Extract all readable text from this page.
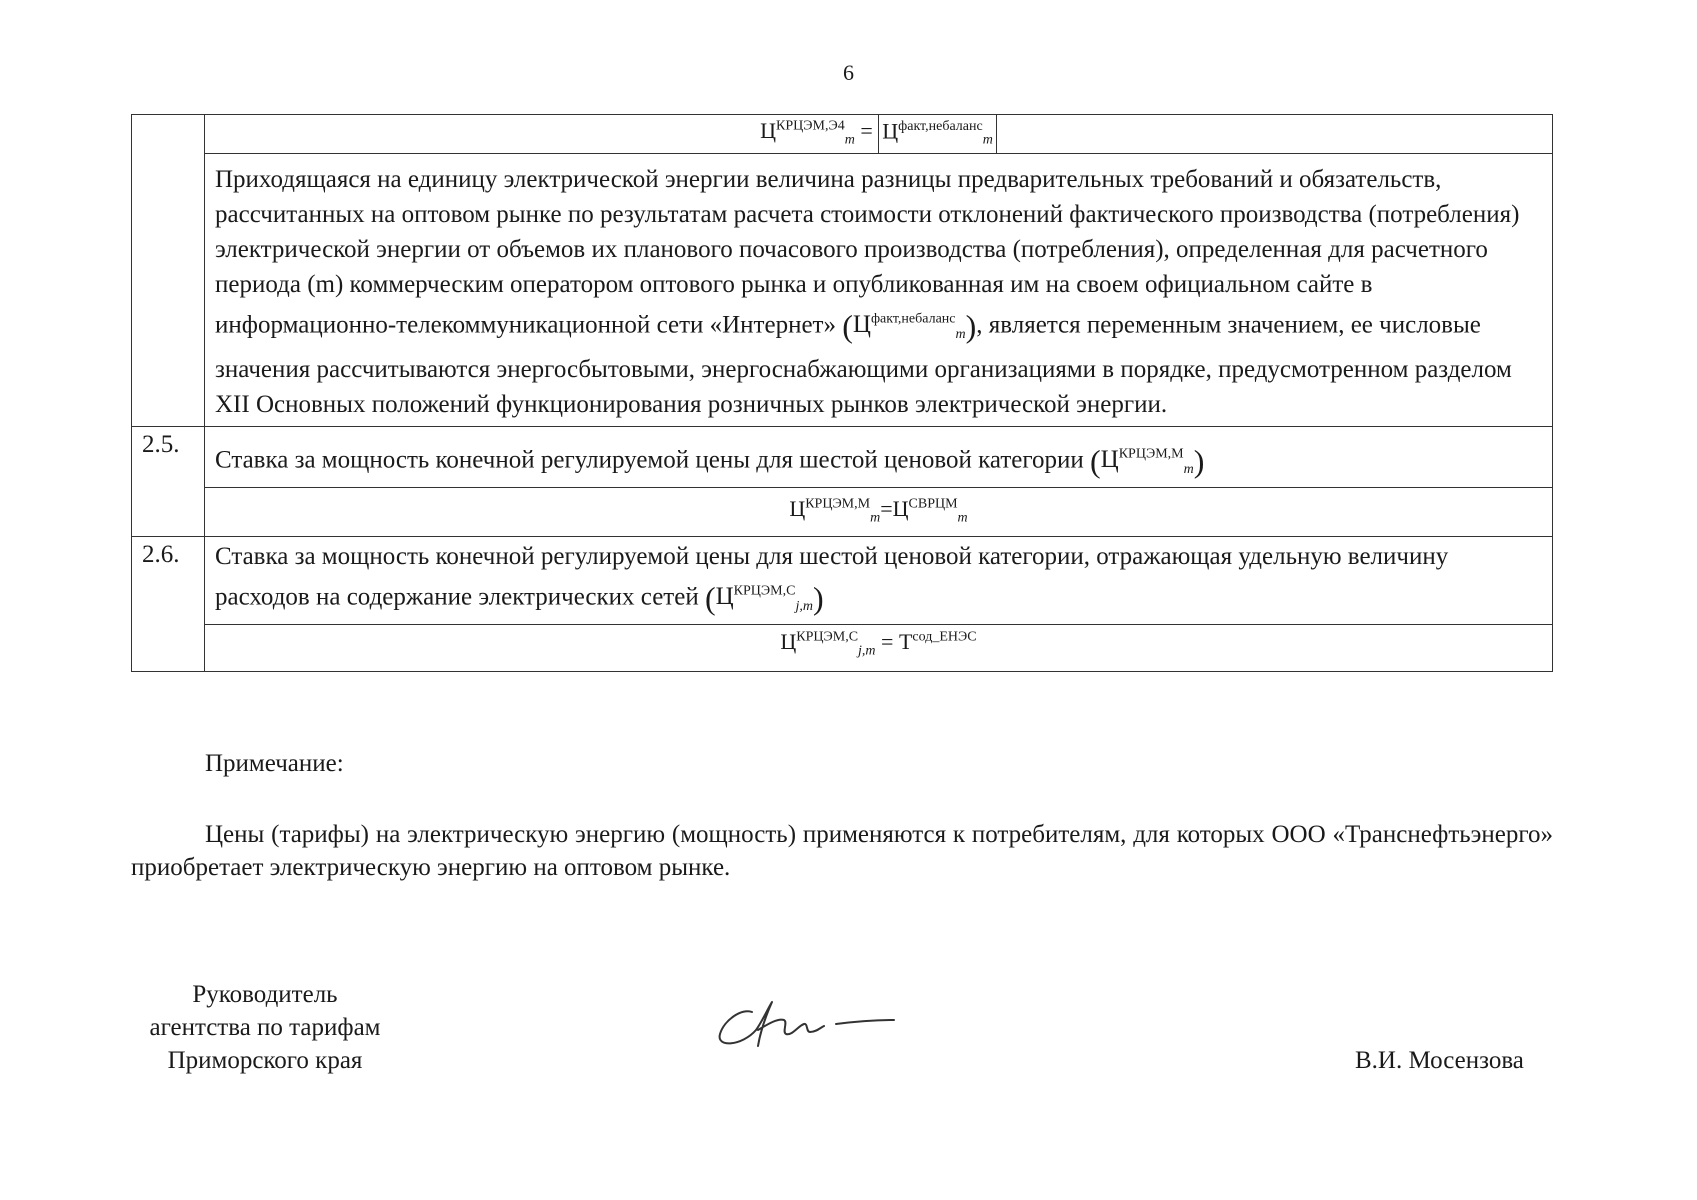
6
	$Ц^{КРЦЭМ,Э4}_m = Ц^{факт,небаланс}_m$

	Приходящаяся на единицу электрической энергии величина разницы предварительных требований и обязательств, рассчитанных на оптовом рынке по результатам расчета стоимости отклонений фактического производства (потребления) электрической энергии от объемов их планового почасового производства (потребления), определенная для расчетного периода (m) коммерческим оператором оптового рынка и опубликованная им на своем официальном сайте в информационно-телекоммуникационной сети «Интернет» $(Ц^{факт,небаланс}_m)$, является переменным значением, ее числовые значения рассчитываются энергосбытовыми, энергоснабжающими организациями в порядке, предусмотренном разделом XII Основных положений функционирования розничных рынков электрической энергии.

2.5.	Ставка за мощность конечной регулируемой цены для шестой ценовой категории $(Ц^{КРЦЭМ,М}_m)$
	$Ц^{КРЦЭМ,М}_m=Ц^{СВРЦМ}_m$
2.6.	Ставка за мощность конечной регулируемой цены для шестой ценовой категории, отражающая удельную величину расходов на содержание электрических сетей $(Ц^{КРЦЭМ,С}_{j,m})$
	$Ц^{КРЦЭМ,С}_{j,m} = Т^{сод\_ЕНЭС}$
Примечание:
Цены (тарифы) на электрическую энергию (мощность) применяются к потребителям, для которых ООО «Транснефтьэнерго» приобретает электрическую энергию на оптовом рынке.
Руководитель
агентства по тарифам
Приморского края	В.И. Мосензова
